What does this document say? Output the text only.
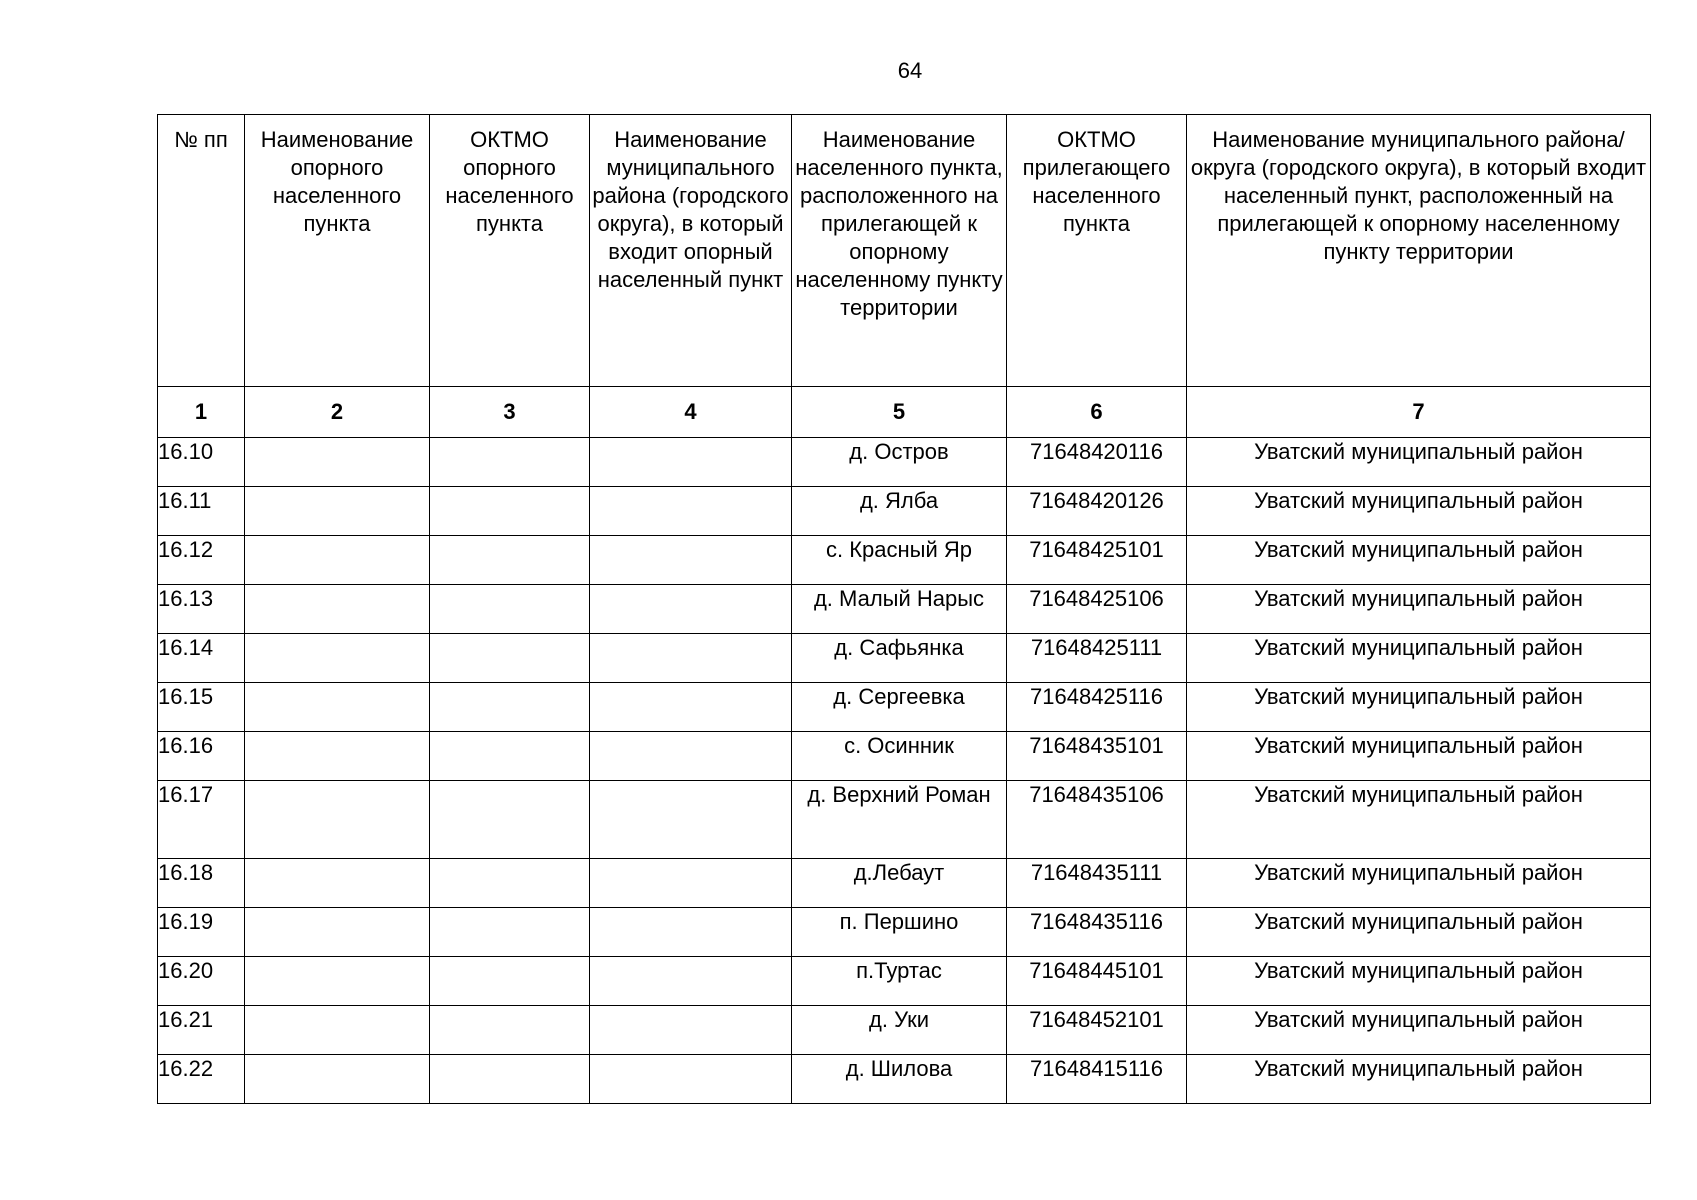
64
№ пп	Наименование опорного населенного пункта	ОКТМО опорного населенного пункта	Наименование муниципального района (городского округа), в который входит опорный населенный пункт	Наименование населенного пункта, расположенного на прилегающей к опорному населенному пункту территории	ОКТМО прилегающего населенного пункта	Наименование муниципального района/округа (городского округа), в который входит населенный пункт, расположенный на прилегающей к опорному населенному пункту территории
1	2	3	4	5	6	7
16.10				д. Остров	71648420116	Уватский муниципальный район
16.11				д. Ялба	71648420126	Уватский муниципальный район
16.12				с. Красный Яр	71648425101	Уватский муниципальный район
16.13				д. Малый Нарыс	71648425106	Уватский муниципальный район
16.14				д. Сафьянка	71648425111	Уватский муниципальный район
16.15				д. Сергеевка	71648425116	Уватский муниципальный район
16.16				с. Осинник	71648435101	Уватский муниципальный район
16.17				д. Верхний Роман	71648435106	Уватский муниципальный район
16.18				д.Лебаут	71648435111	Уватский муниципальный район
16.19				п. Першино	71648435116	Уватский муниципальный район
16.20				п.Туртас	71648445101	Уватский муниципальный район
16.21				д. Уки	71648452101	Уватский муниципальный район
16.22				д. Шилова	71648415116	Уватский муниципальный район
